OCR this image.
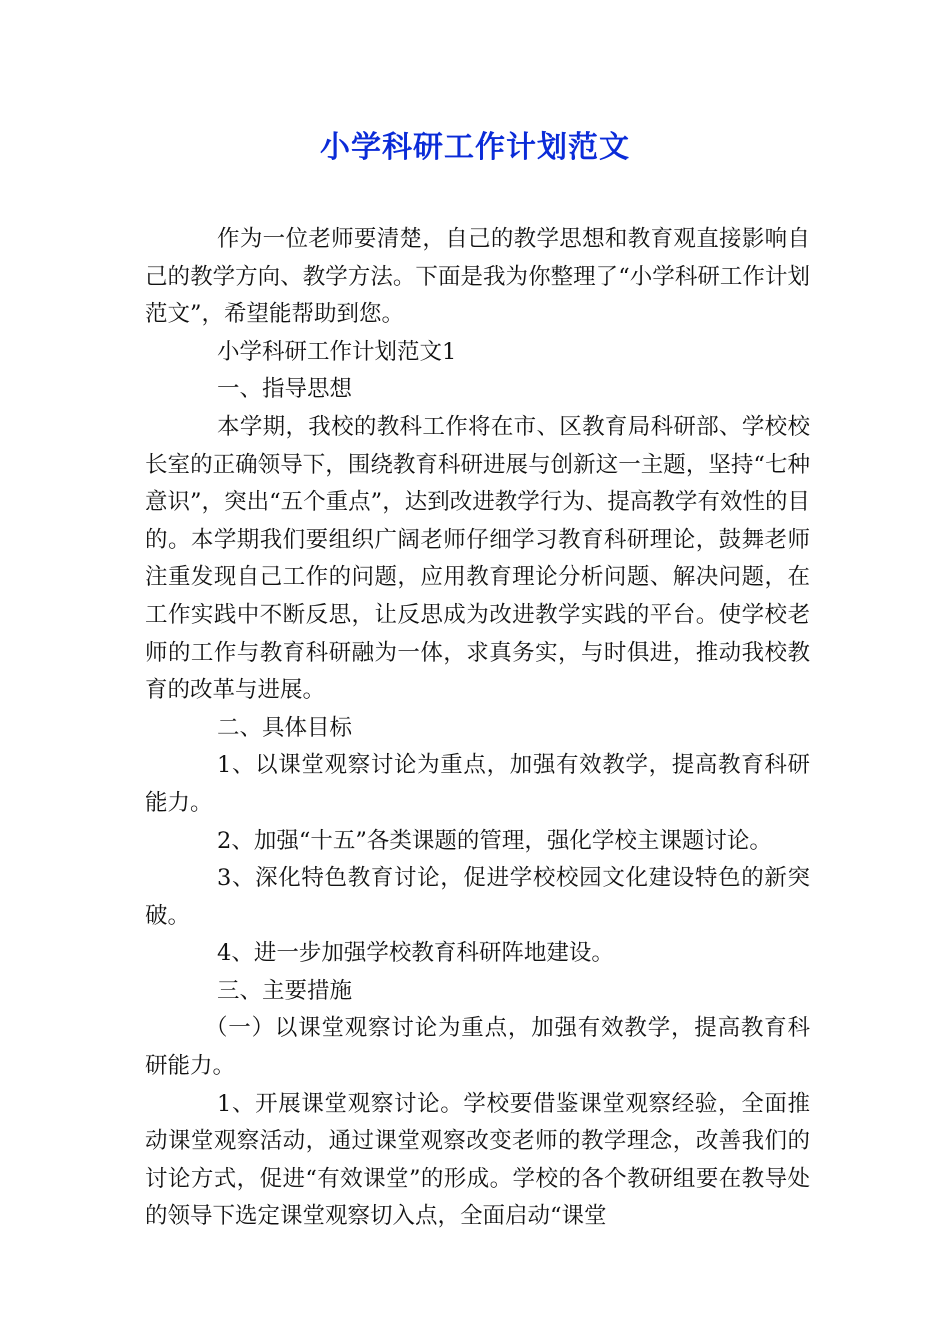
小学科研工作计划范文

作为一位老师要清楚，自己的教学思想和教育观直接影响自己的教学方向、教学方法。下面是我为你整理了“小学科研工作计划范文”，希望能帮助到您。

小学科研工作计划范文1

一、指导思想

本学期，我校的教科工作将在市、区教育局科研部、学校校长室的正确领导下，围绕教育科研进展与创新这一主题，坚持“七种意识”，突出“五个重点”，达到改进教学行为、提高教学有效性的目的。本学期我们要组织广阔老师仔细学习教育科研理论，鼓舞老师注重发现自己工作的问题，应用教育理论分析问题、解决问题，在工作实践中不断反思，让反思成为改进教学实践的平台。使学校老师的工作与教育科研融为一体，求真务实，与时俱进，推动我校教育的改革与进展。

二、具体目标

1、以课堂观察讨论为重点，加强有效教学，提高教育科研能力。

2、加强“十五”各类课题的管理，强化学校主课题讨论。

3、深化特色教育讨论，促进学校校园文化建设特色的新突破。

4、进一步加强学校教育科研阵地建设。

三、主要措施

（一）以课堂观察讨论为重点，加强有效教学，提高教育科研能力。

1、开展课堂观察讨论。学校要借鉴课堂观察经验，全面推动课堂观察活动，通过课堂观察改变老师的教学理念，改善我们的讨论方式，促进“有效课堂”的形成。学校的各个教研组要在教导处的领导下选定课堂观察切入点，全面启动“课堂
